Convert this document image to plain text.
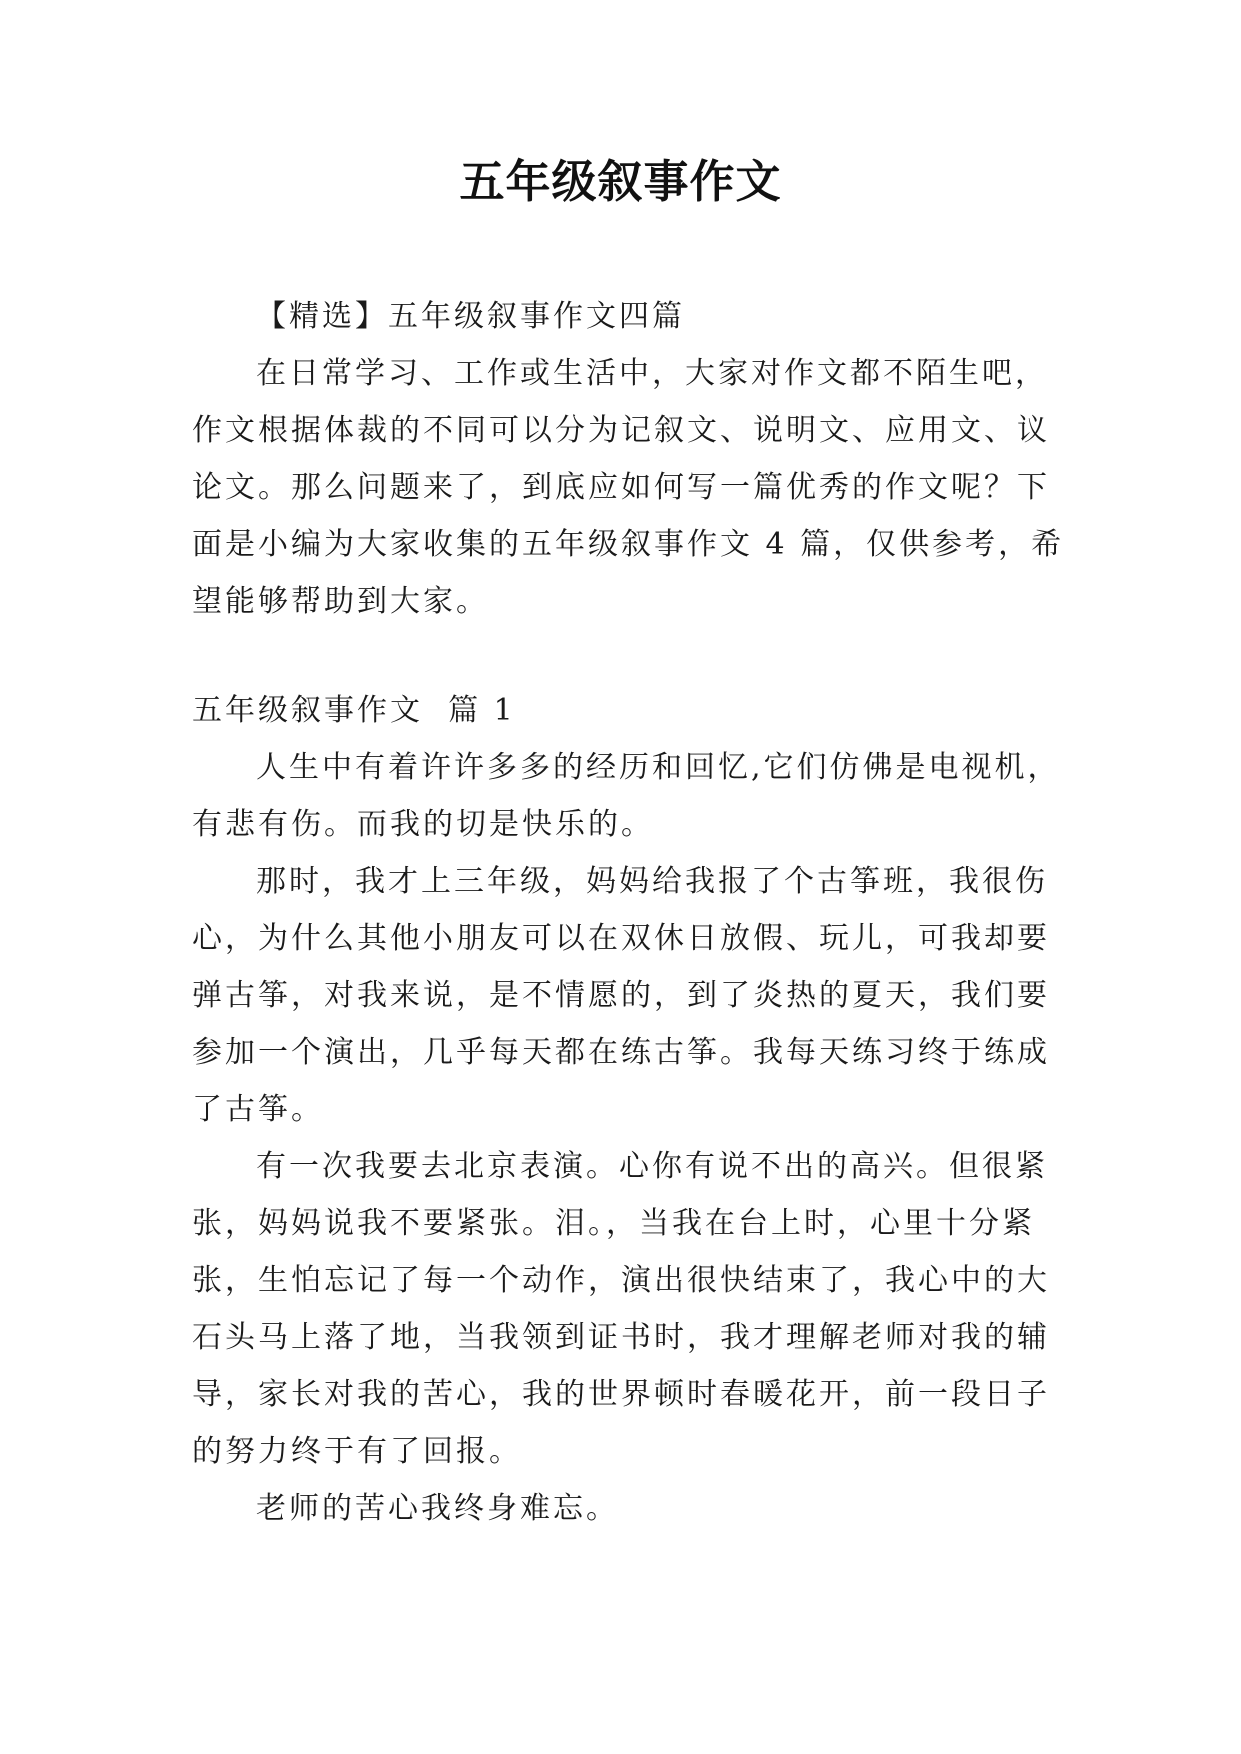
五年级叙事作文
【精选】五年级叙事作文四篇
在日常学习、工作或生活中，大家对作文都不陌生吧，
作文根据体裁的不同可以分为记叙文、说明文、应用文、议
论文。那么问题来了，到底应如何写一篇优秀的作文呢？下
面是小编为大家收集的五年级叙事作文 4 篇，仅供参考，希
望能够帮助到大家。
五年级叙事作文  篇 1
人生中有着许许多多的经历和回忆,它们仿佛是电视机，
有悲有伤。而我的切是快乐的。
那时，我才上三年级，妈妈给我报了个古筝班，我很伤
心，为什么其他小朋友可以在双休日放假、玩儿，可我却要
弹古筝，对我来说，是不情愿的，到了炎热的夏天，我们要
参加一个演出，几乎每天都在练古筝。我每天练习终于练成
了古筝。
有一次我要去北京表演。心你有说不出的高兴。但很紧
张，妈妈说我不要紧张。泪。，当我在台上时，心里十分紧
张，生怕忘记了每一个动作，演出很快结束了，我心中的大
石头马上落了地，当我领到证书时，我才理解老师对我的辅
导，家长对我的苦心，我的世界顿时春暖花开，前一段日子
的努力终于有了回报。
老师的苦心我终身难忘。
